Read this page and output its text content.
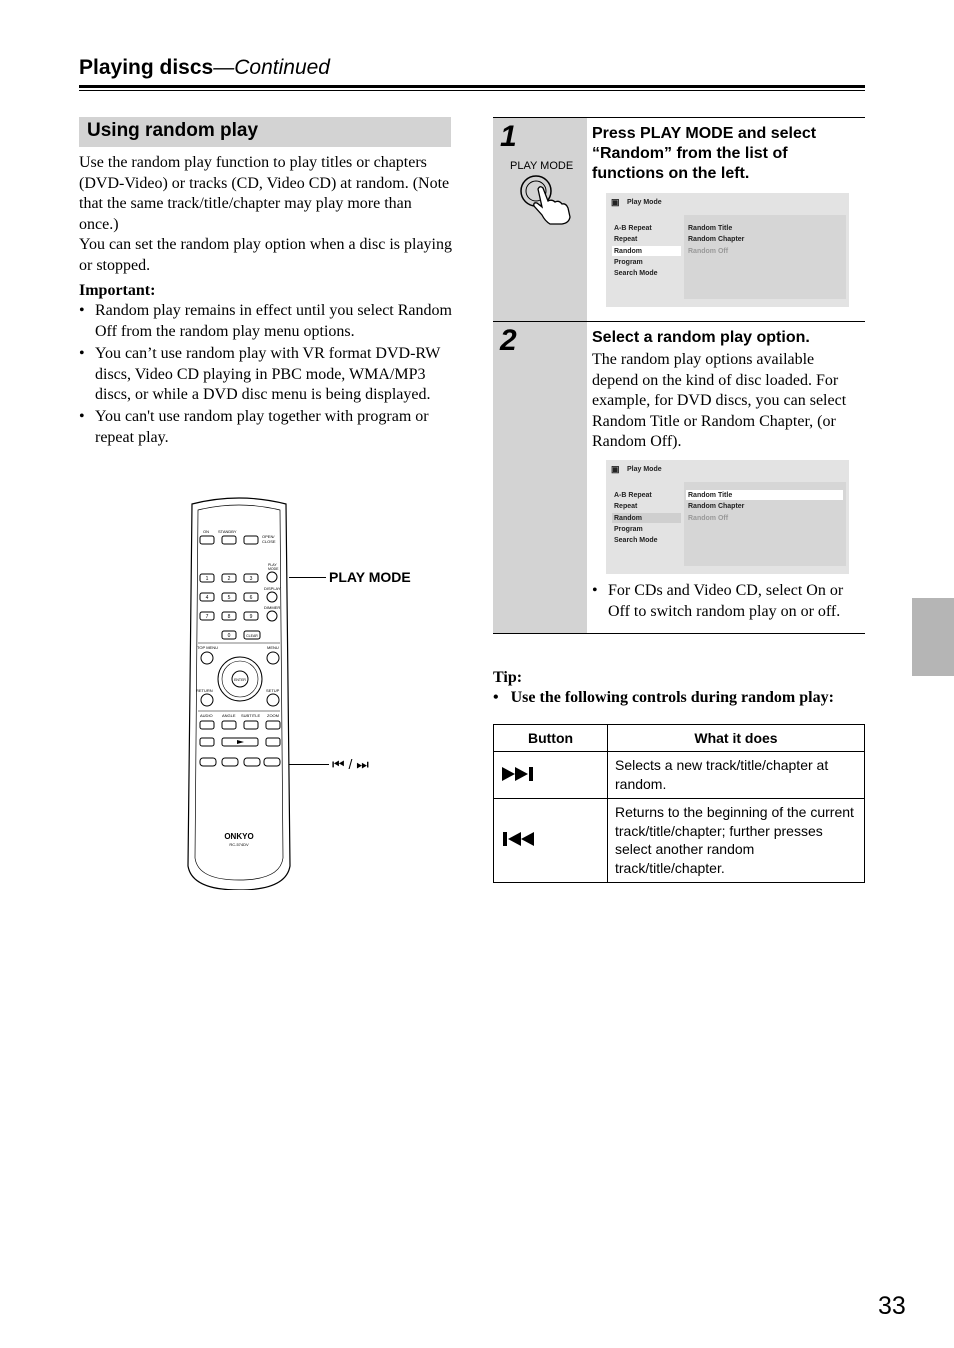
Playing discs—Continued
Using random play

Use the random play function to play titles or chapters (DVD-Video) or tracks (CD, Video CD) at random. (Note that the same track/title/chapter may play more than once.)

You can set the random play option when a disc is playing or stopped.

Important:
• Random play remains in effect until you select Random Off from the random play menu options.
• You can’t use random play with VR format DVD-RW discs, Video CD playing in PBC mode, WMA/MP3 discs, or while a DVD disc menu is being displayed.
• You can't use random play together with program or repeat play.
ON STANDBY
OPEN/
CLOSE
PLAY
MODE
DISPLAY
DIMMER
1	2	3
4	5	6
7	8	9
0	CLEAR
TOP MENU	MENU
ENTER
RETURN	SETUP
AUDIO ANGLE SUBTITLE ZOOM
ONKYO
RC-574DV
PLAY MODE
⏮ / ⏭
1
PLAY MODE
Press PLAY MODE and select “Random” from the list of functions on the left.
▣ Play Mode
A-B Repeat
Repeat
Random
Program
Search Mode
Random Title
Random Chapter
Random Off
2	Select a random play option.
The random play options available depend on the kind of disc loaded. For example, for DVD discs, you can select Random Title or Random Chapter, (or Random Off).
▣ Play Mode
A-B Repeat
Repeat
Random
Program
Search Mode
Random Title
Random Chapter
Random Off
• For CDs and Video CD, select On or Off to switch random play on or off.
Tip:
•   Use the following controls during random play:
Button	What it does
	Selects a new track/title/chapter at random.
	Returns to the beginning of the current track/title/chapter; further presses select another random track/title/chapter.
33
